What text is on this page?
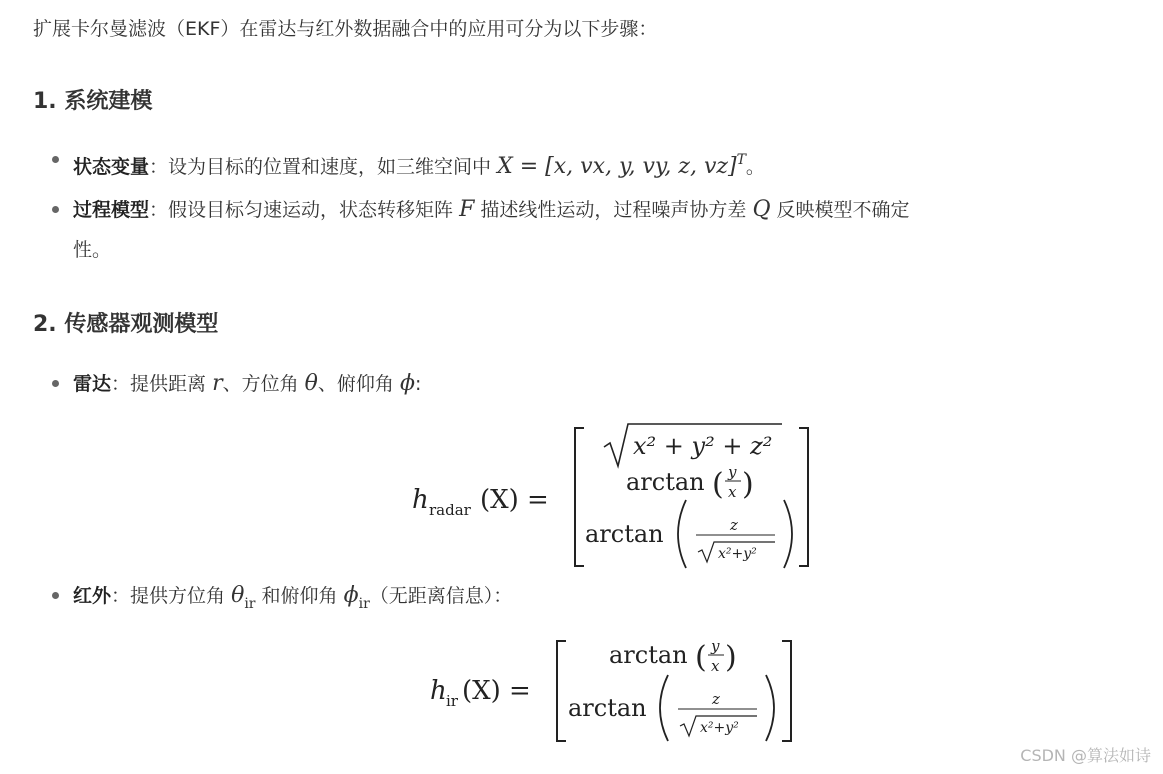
扩展卡尔曼滤波（EKF）在雷达与红外数据融合中的应用可分为以下步骤：
1. 系统建模
状态变量：设为目标的位置和速度，如三维空间中 X = [x, vx, y, vy, z, vz]$^T$。
过程模型：假设目标匀速运动，状态转移矩阵 F 描述线性运动，过程噪声协方差 Q 反映模型不确定
性。
2. 传感器观测模型
雷达：提供距离 r、方位角 θ、俯仰角 ϕ:
h radar (X) =
x² + y² + z²
arctan ( y
x )
arctan	z
x²+y²
红外：提供方位角 $\theta_{ir}$ 和俯仰角 $\phi_{ir}$（无距离信息）：
h ir (X) =
arctan ( y
x )
arctan	z
x²+y²
CSDN @算法如诗
